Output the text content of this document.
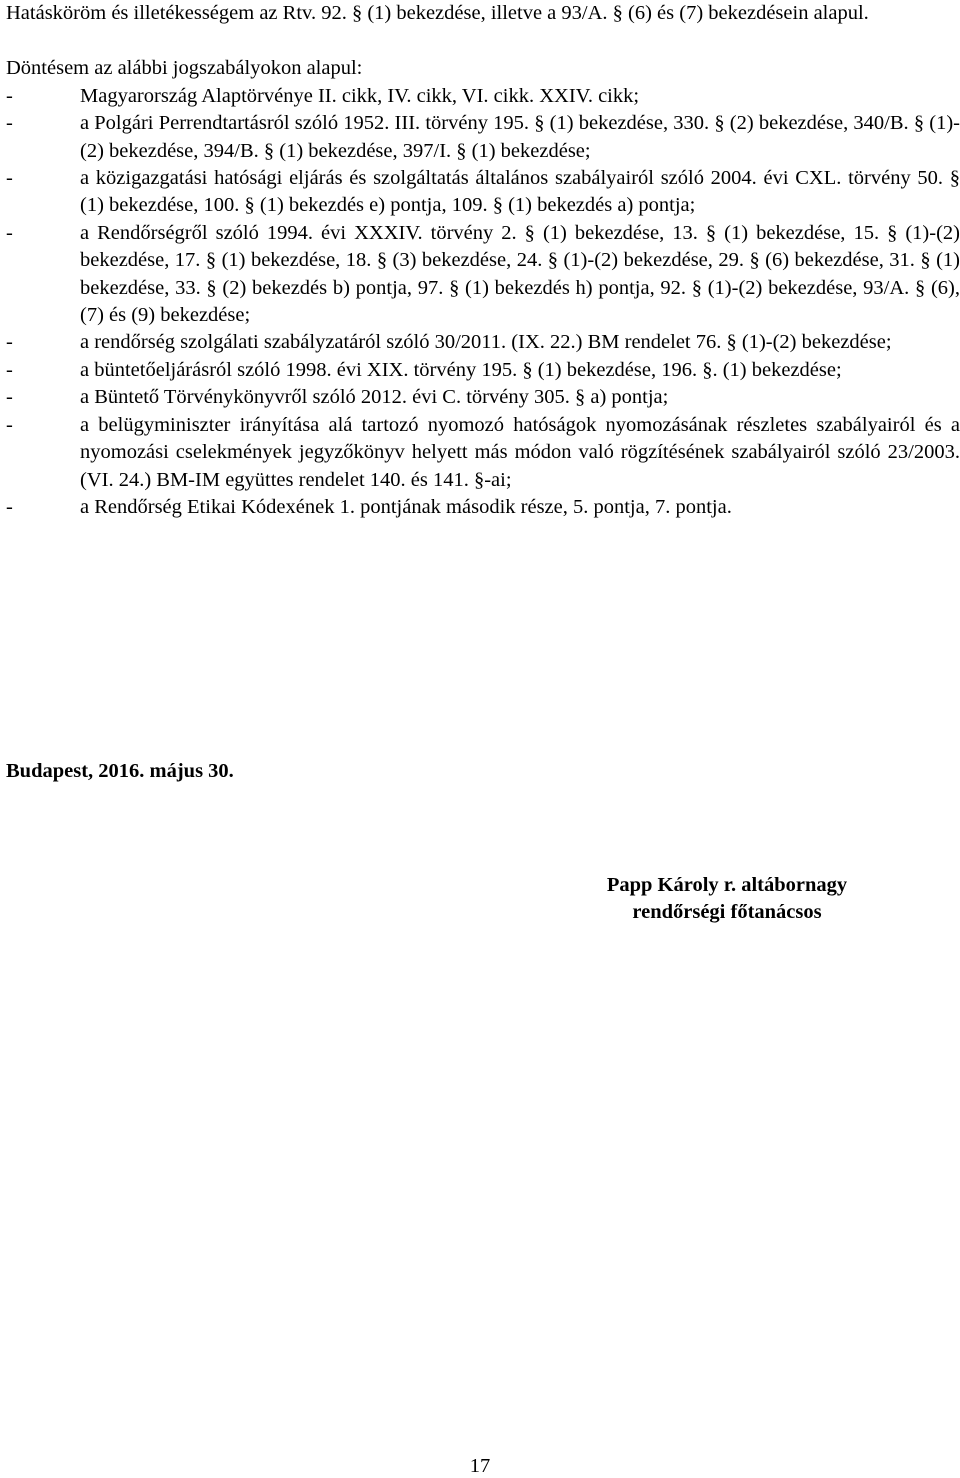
Hatásköröm és illetékességem az Rtv. 92. § (1) bekezdése, illetve a 93/A. § (6) és (7) bekezdésein alapul.

Döntésem az alábbi jogszabályokon alapul:

-	Magyarország Alaptörvénye II. cikk, IV. cikk, VI. cikk. XXIV. cikk;
-	a Polgári Perrendtartásról szóló 1952. III. törvény 195. § (1) bekezdése, 330. § (2) bekezdése, 340/B. § (1)-(2) bekezdése, 394/B. § (1) bekezdése, 397/I. § (1) bekezdése;
-	a közigazgatási hatósági eljárás és szolgáltatás általános szabályairól szóló 2004. évi CXL. törvény 50. § (1) bekezdése, 100. § (1) bekezdés e) pontja, 109. § (1) bekezdés a) pontja;
-	a Rendőrségről szóló 1994. évi XXXIV. törvény 2. § (1) bekezdése, 13. § (1) bekezdése, 15. § (1)-(2) bekezdése, 17. § (1) bekezdése, 18. § (3) bekezdése, 24. § (1)-(2) bekezdése, 29. § (6) bekezdése, 31. § (1) bekezdése, 33. § (2) bekezdés b) pontja, 97. § (1) bekezdés h) pontja, 92. § (1)-(2) bekezdése, 93/A. § (6), (7) és (9) bekezdése;
-	a rendőrség szolgálati szabályzatáról szóló 30/2011. (IX. 22.) BM rendelet 76. § (1)-(2) bekezdése;
-	a büntetőeljárásról szóló 1998. évi XIX. törvény 195. § (1) bekezdése, 196. §. (1) bekezdése;
-	a Büntető Törvénykönyvről szóló 2012. évi C. törvény 305. § a) pontja;
-	a belügyminiszter irányítása alá tartozó nyomozó hatóságok nyomozásának részletes szabályairól és a nyomozási cselekmények jegyzőkönyv helyett más módon való rögzítésének szabályairól szóló 23/2003. (VI. 24.) BM-IM együttes rendelet 140. és 141. §-ai;
-	a Rendőrség Etikai Kódexének 1. pontjának második része, 5. pontja, 7. pontja.
Budapest, 2016. május 30.
Papp Károly r. altábornagy
rendőrségi főtanácsos
17
